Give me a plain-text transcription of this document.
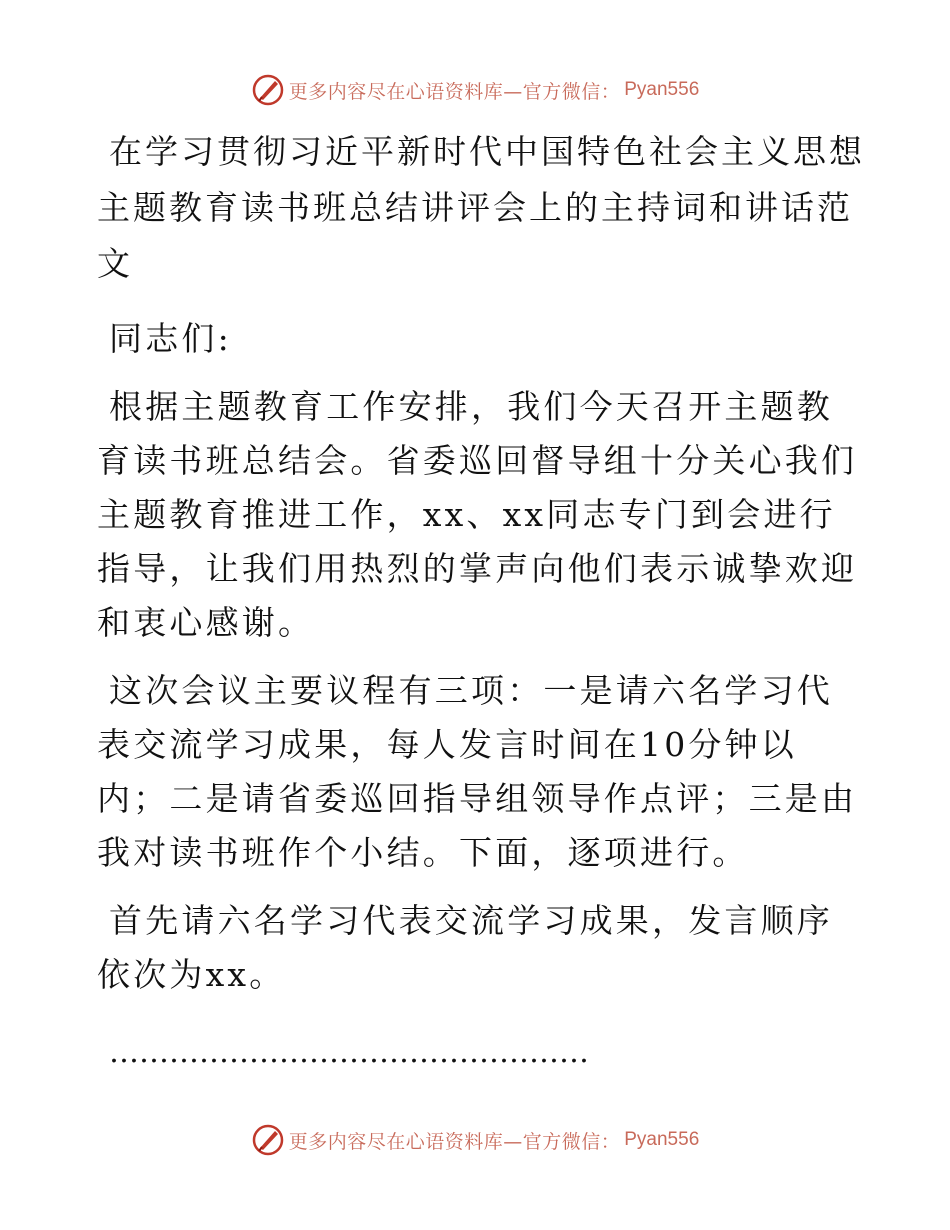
更多内容尽在心语资料库—官方微信： Pyan556
在学习贯彻习近平新时代中国特色社会主义思想
主题教育读书班总结讲评会上的主持词和讲话范文

同志们:

根据主题教育工作安排，我们今天召开主题教育读书班总结会。省委巡回督导组十分关心我们主题教育推进工作，xx、xx同志专门到会进行指导，让我们用热烈的掌声向他们表示诚挚欢迎和衷心感谢。

这次会议主要议程有三项：一是请六名学习代表交流学习成果，每人发言时间在10分钟以内；二是请省委巡回指导组领导作点评；三是由我对读书班作个小结。下面，逐项进行。

首先请六名学习代表交流学习成果，发言顺序依次为xx。

…………………………………………

更多内容尽在心语资料库—官方微信： Pyan556
